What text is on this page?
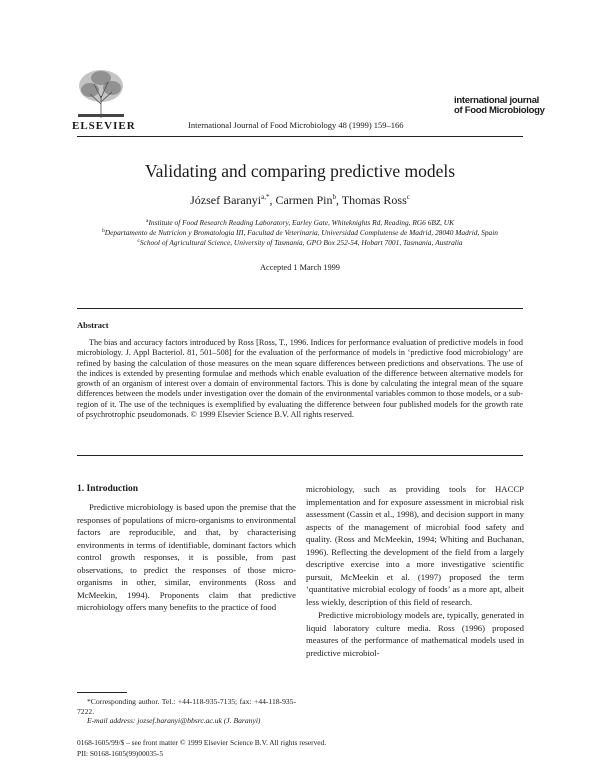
ELSEVIER	International Journal of Food Microbiology 48 (1999) 159–166
international journal
of Food Microbiology
Validating and comparing predictive models
József Baranyi$^{a,*}$, Carmen Pin$^b$, Thomas Ross$^c$
$^a$Institute of Food Research Reading Laboratory, Earley Gate, Whiteknights Rd, Reading, RG6 6BZ, UK
$^b$Departamento de Nutricion y Bromatologia III, Facultad de Veterinaria, Universidad Complutense de Madrid, 28040 Madrid, Spain
$^c$School of Agricultural Science, University of Tasmania, GPO Box 252-54, Hobart 7001, Tasmania, Australia
Accepted 1 March 1999
Abstract
The bias and accuracy factors introduced by Ross [Ross, T., 1996. Indices for performance evaluation of predictive models in food microbiology. J. Appl Bacteriol. 81, 501–508] for the evaluation of the performance of models in ‘predictive food microbiology’ are refined by basing the calculation of those measures on the mean square differences between predictions and observations. The use of the indices is extended by presenting formulae and methods which enable evaluation of the difference between alternative models for growth of an organism of interest over a domain of environmental factors. This is done by calculating the integral mean of the square differences between the models under investigation over the domain of the environmental variables common to those models, or a sub-region of it. The use of the techniques is exemplified by evaluating the difference between four published models for the growth rate of psychrotrophic pseudomonads. © 1999 Elsevier Science B.V. All rights reserved.
1. Introduction
Predictive microbiology is based upon the premise that the responses of populations of micro-organisms to environmental factors are reproducible, and that, by characterising environments in terms of identifiable, dominant factors which control growth responses, it is possible, from past observations, to predict the responses of those micro-organisms in other, similar, environments (Ross and McMeekin, 1994). Proponents claim that predictive microbiology offers many benefits to the practice of food

microbiology, such as providing tools for HACCP implementation and for exposure assessment in microbial risk assessment (Cassin et al., 1998), and decision support in many aspects of the management of microbial food safety and quality. (Ross and McMeekin, 1994; Whiting and Buchanan, 1996). Reflecting the development of the field from a largely descriptive exercise into a more investigative scientific pursuit, McMeekin et al. (1997) proposed the term ‘quantitative microbial ecology of foods’ as a more apt, albeit less wiekly, description of this field of research.

Predictive microbiology models are, typically, generated in liquid laboratory culture media. Ross (1996) proposed measures of the performance of mathematical models used in predictive microbiol-

*Corresponding author. Tel.: +44-118-935-7135; fax: +44-118-935-7222.
E-mail address: jozsef.baranyi@bbsrc.ac.uk (J. Baranyi)
0168-1605/99/$ – see front matter © 1999 Elsevier Science B.V. All rights reserved.
PII: S0168-1605(99)00035-5
